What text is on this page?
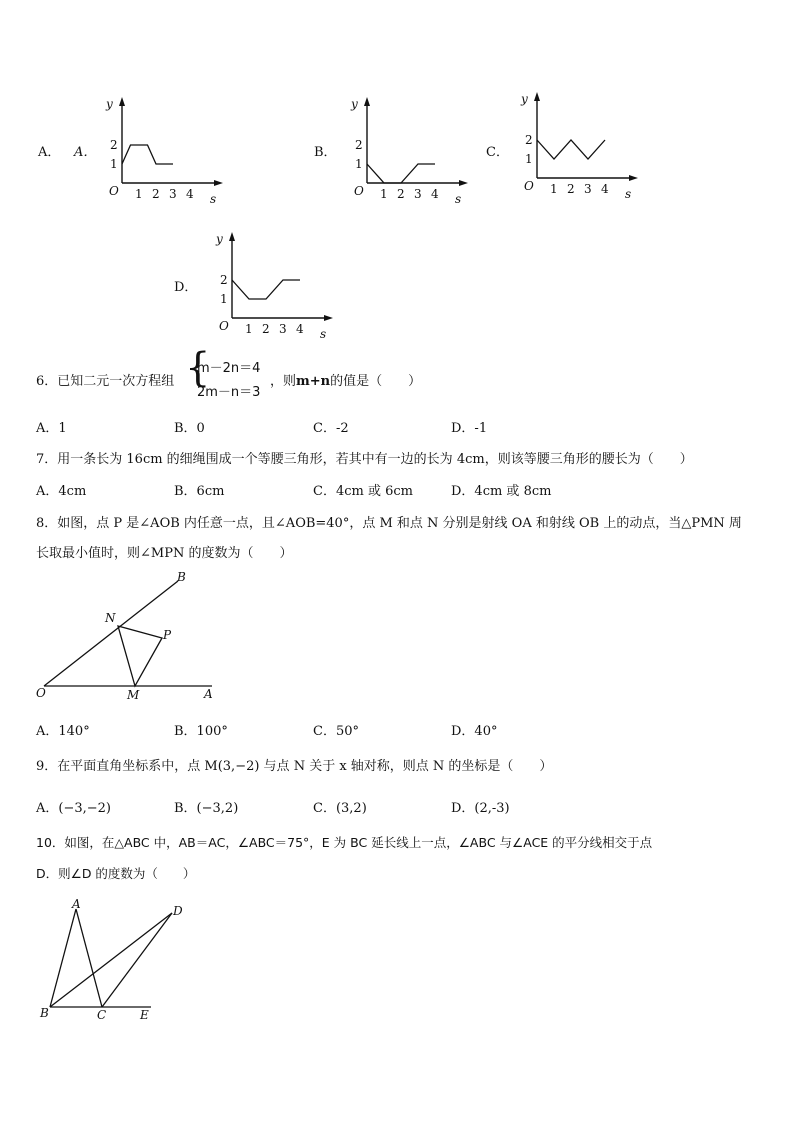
A． A．
y
s
O
1
2
1 2 3 4
B．
y
s
O
1
2
1 2 3 4
C．
y
s
O
1
2
1 2 3 4
D．
y
s
O
1
2
1 2 3 4
6．已知二元一次方程组 {
m－2n＝4
2m－n＝3
，则m+n的值是（　　）
A．1	B．0	C．-2	D．-1
7．用一条长为 16cm 的细绳围成一个等腰三角形，若其中有一边的长为 4cm，则该等腰三角形的腰长为（　　）
A．4cm	B．6cm	C．4cm 或 6cm	D．4cm 或 8cm
8．如图，点 P 是∠AOB 内任意一点，且∠AOB=40°，点 M 和点 N 分别是射线 OA 和射线 OB 上的动点，当△PMN 周
长取最小值时，则∠MPN 的度数为（　　）
B
N
P
O	M	A
A．140°	B．100°	C．50°	D．40°
9．在平面直角坐标系中，点 M(3,−2) 与点 N 关于 x 轴对称，则点 N 的坐标是（　　）
A．(−3,−2)	B．(−3,2)	C．(3,2)	D．(2,-3)
10．如图，在△ABC 中，AB＝AC，∠ABC＝75°，E 为 BC 延长线上一点，∠ABC 与∠ACE 的平分线相交于点
D．则∠D 的度数为（　　）
A	D
B	C	E
